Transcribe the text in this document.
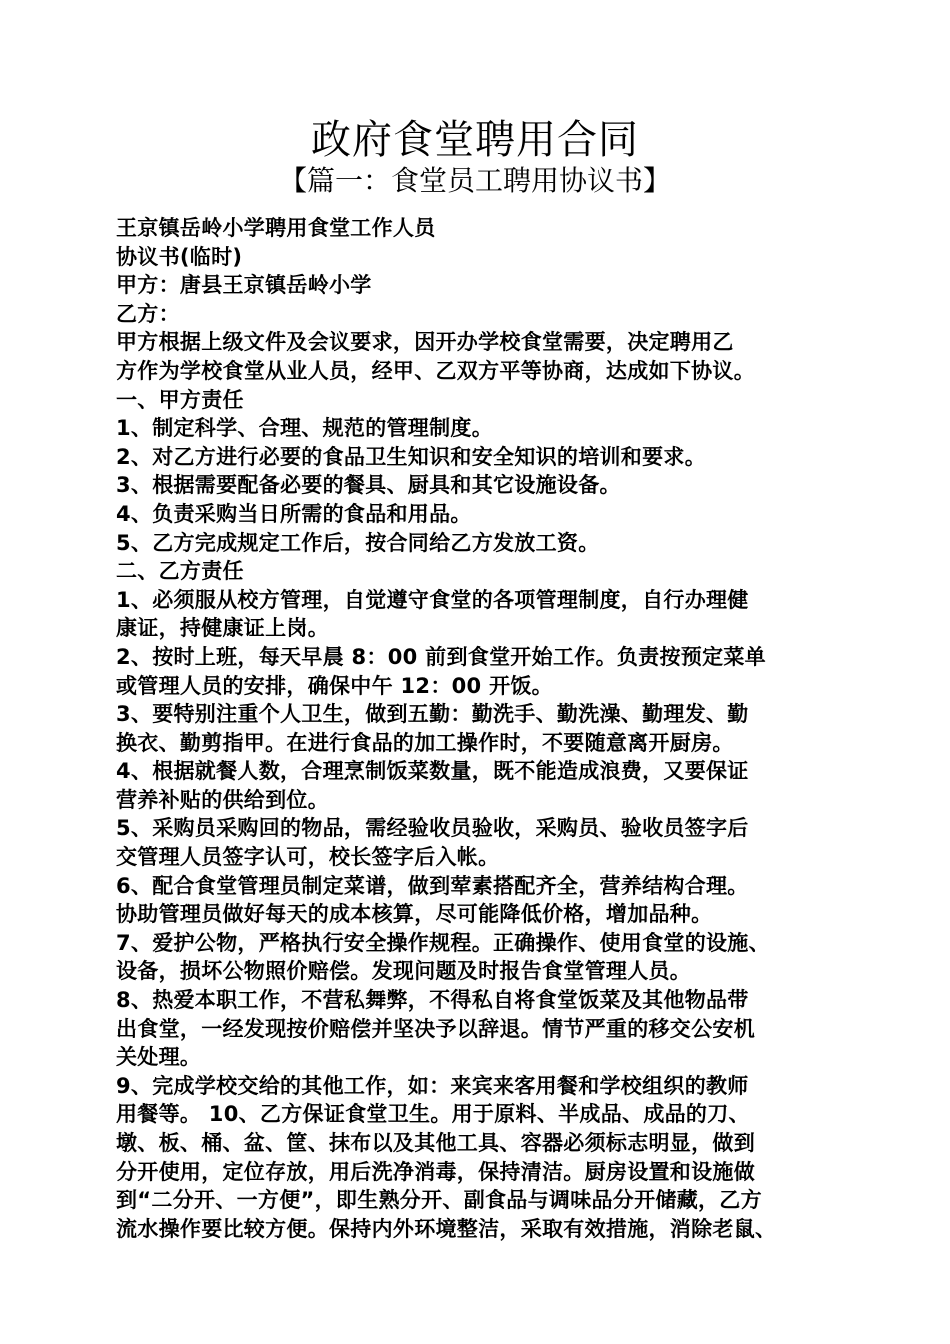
政府食堂聘用合同
【篇一：食堂员工聘用协议书】
王京镇岳岭小学聘用食堂工作人员
协议书(临时)
甲方：唐县王京镇岳岭小学
乙方：
甲方根据上级文件及会议要求，因开办学校食堂需要，决定聘用乙
方作为学校食堂从业人员，经甲、乙双方平等协商，达成如下协议。
一、甲方责任
1、制定科学、合理、规范的管理制度。
2、对乙方进行必要的食品卫生知识和安全知识的培训和要求。
3、根据需要配备必要的餐具、厨具和其它设施设备。
4、负责采购当日所需的食品和用品。
5、乙方完成规定工作后，按合同给乙方发放工资。
二、乙方责任
1、必须服从校方管理，自觉遵守食堂的各项管理制度，自行办理健
康证，持健康证上岗。
2、按时上班，每天早晨 8：00 前到食堂开始工作。负责按预定菜单
或管理人员的安排，确保中午 12：00 开饭。
3、要特别注重个人卫生，做到五勤：勤洗手、勤洗澡、勤理发、勤
换衣、勤剪指甲。在进行食品的加工操作时，不要随意离开厨房。
4、根据就餐人数，合理烹制饭菜数量，既不能造成浪费，又要保证
营养补贴的供给到位。
5、采购员采购回的物品，需经验收员验收，采购员、验收员签字后
交管理人员签字认可，校长签字后入帐。
6、配合食堂管理员制定菜谱，做到荤素搭配齐全，营养结构合理。
协助管理员做好每天的成本核算，尽可能降低价格，增加品种。
7、爱护公物，严格执行安全操作规程。正确操作、使用食堂的设施、
设备，损坏公物照价赔偿。发现问题及时报告食堂管理人员。
8、热爱本职工作，不营私舞弊，不得私自将食堂饭菜及其他物品带
出食堂，一经发现按价赔偿并坚决予以辞退。情节严重的移交公安机
关处理。
9、完成学校交给的其他工作，如：来宾来客用餐和学校组织的教师
用餐等。 10、乙方保证食堂卫生。用于原料、半成品、成品的刀、
墩、板、桶、盆、筐、抹布以及其他工具、容器必须标志明显，做到
分开使用，定位存放，用后洗净消毒，保持清洁。厨房设置和设施做
到“二分开、一方便”，即生熟分开、副食品与调味品分开储藏，乙方
流水操作要比较方便。保持内外环境整洁，采取有效措施，消除老鼠、
